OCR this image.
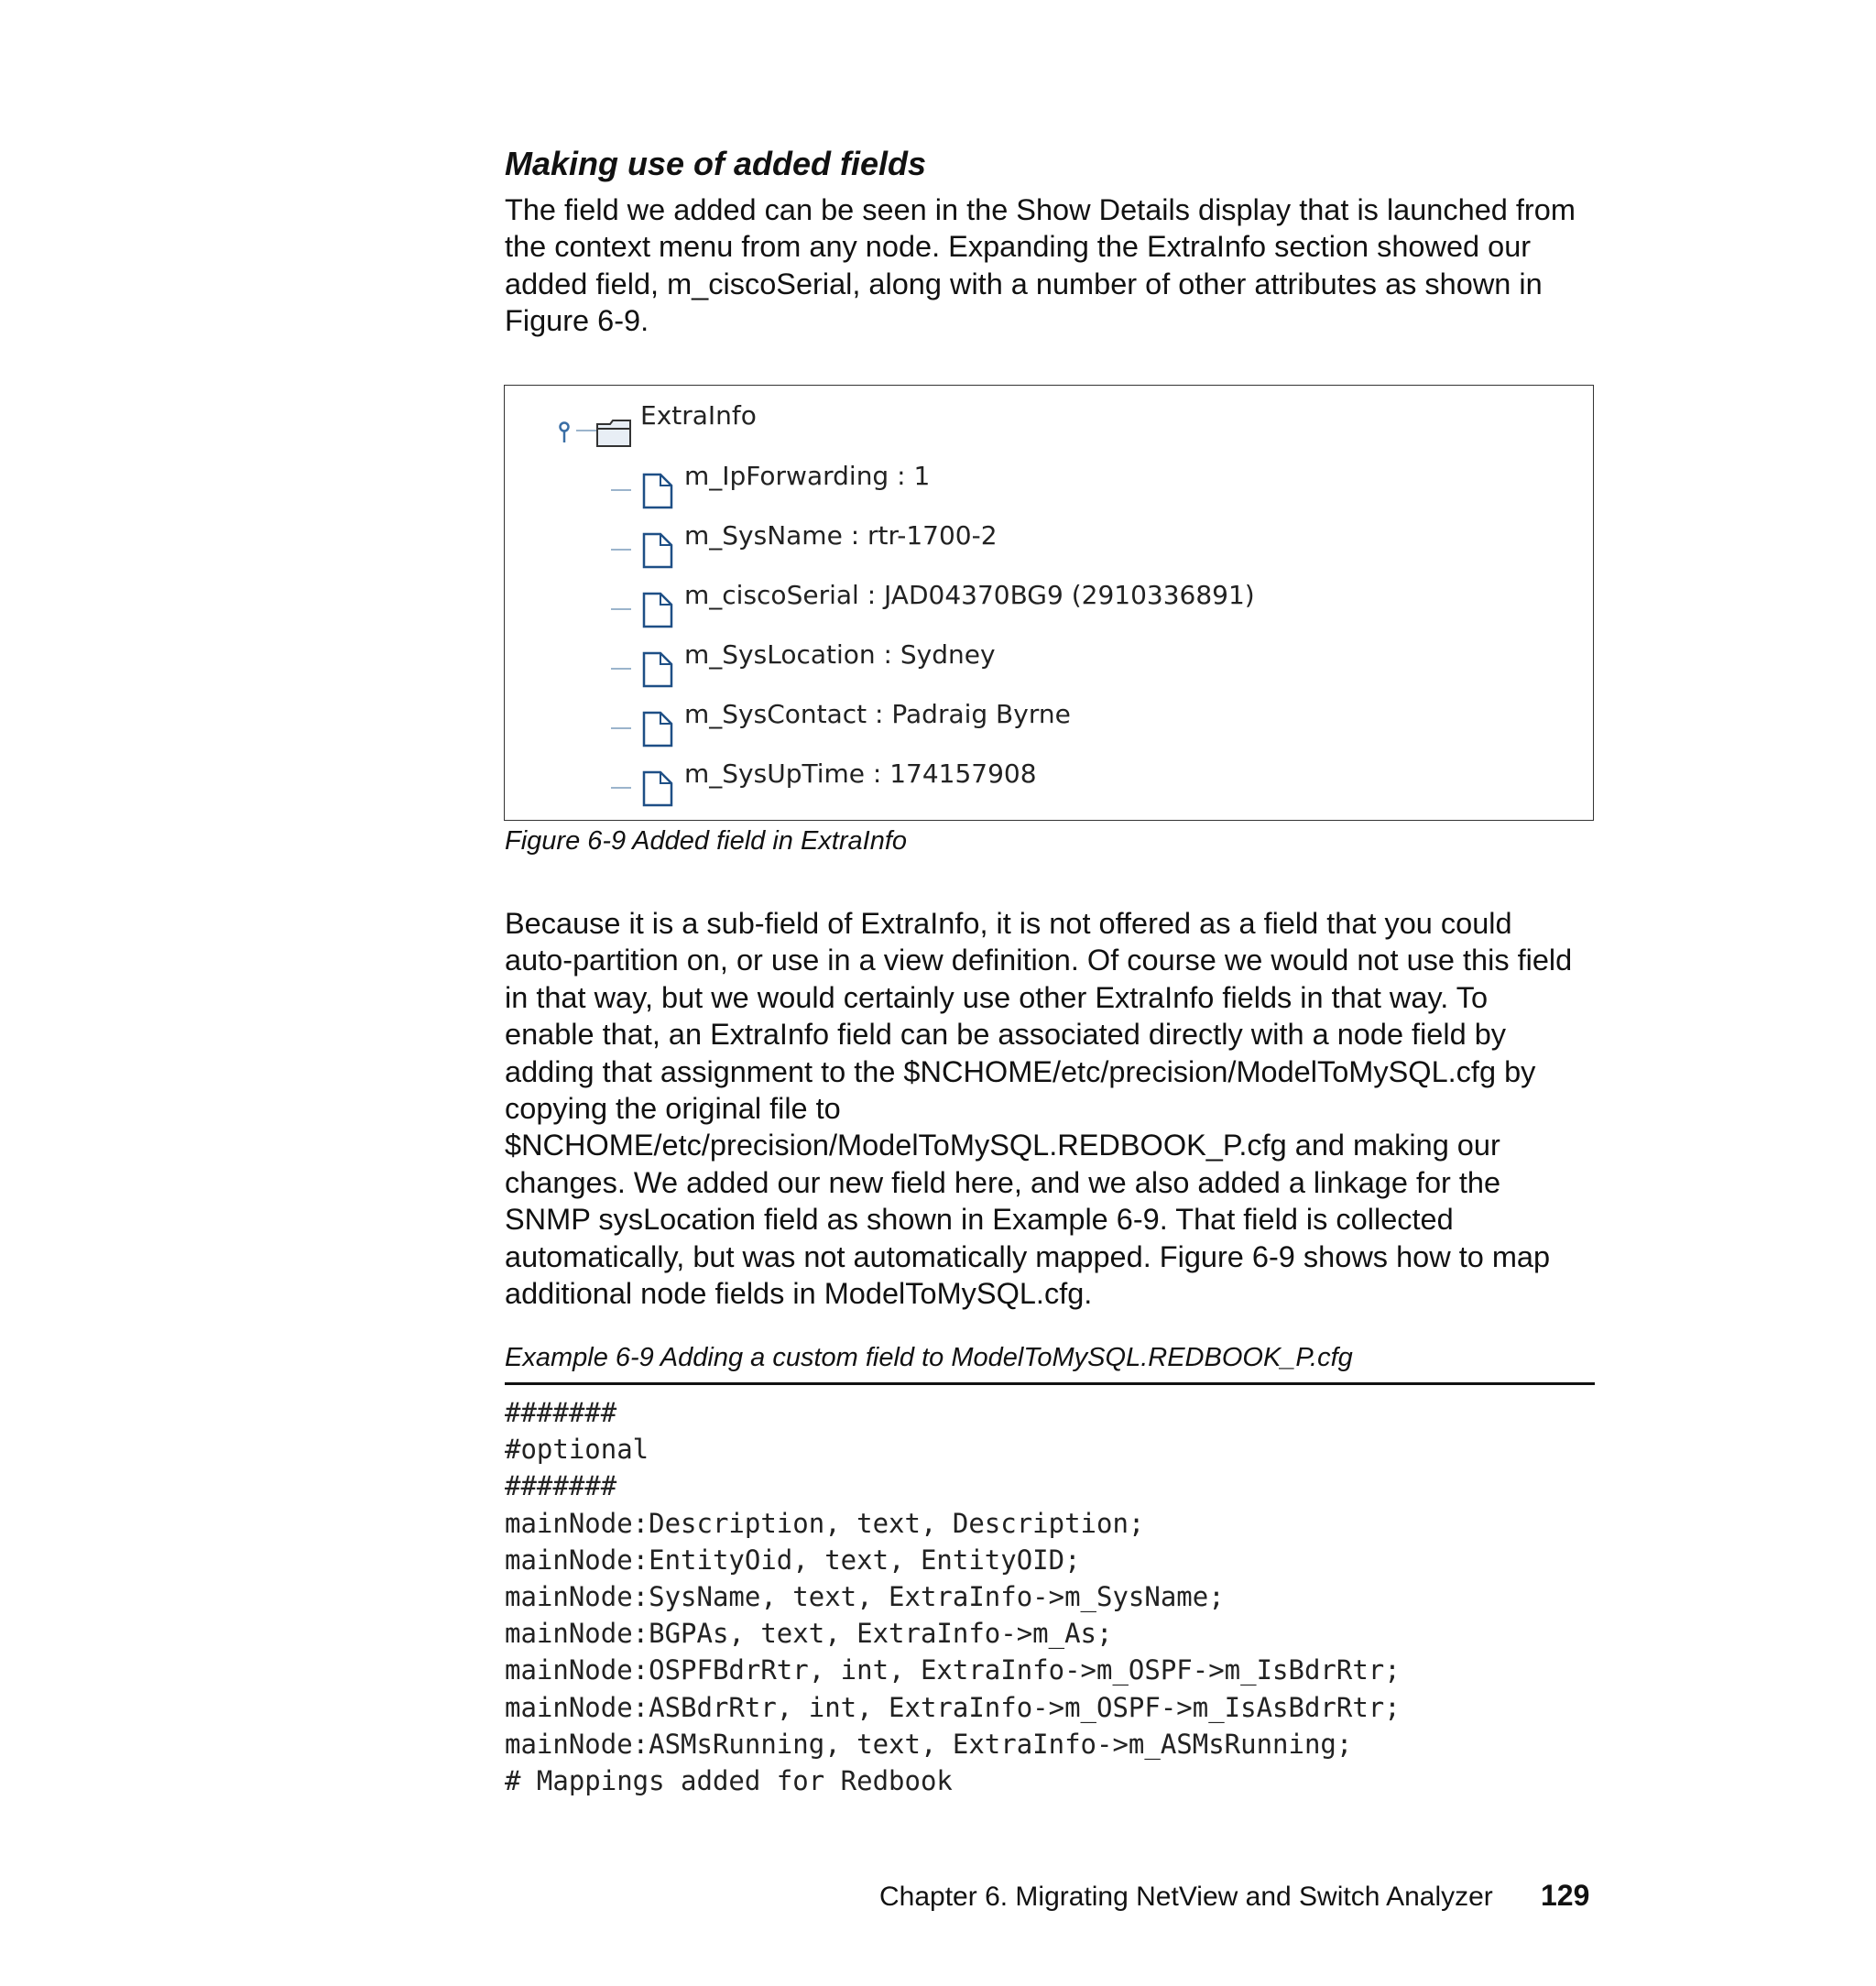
Making use of added fields
The field we added can be seen in the Show Details display that is launched from
the context menu from any node. Expanding the ExtraInfo section showed our
added field, m_ciscoSerial, along with a number of other attributes as shown in
Figure 6-9.
ExtraInfo
m_IpForwarding : 1
m_SysName : rtr-1700-2
m_ciscoSerial : JAD04370BG9 (2910336891)
m_SysLocation : Sydney
m_SysContact : Padraig Byrne
m_SysUpTime : 174157908
Figure 6-9 Added field in ExtraInfo
Because it is a sub-field of ExtraInfo, it is not offered as a field that you could
auto-partition on, or use in a view definition. Of course we would not use this field
in that way, but we would certainly use other ExtraInfo fields in that way. To
enable that, an ExtraInfo field can be associated directly with a node field by
adding that assignment to the $NCHOME/etc/precision/ModelToMySQL.cfg by
copying the original file to
$NCHOME/etc/precision/ModelToMySQL.REDBOOK_P.cfg and making our
changes. We added our new field here, and we also added a linkage for the
SNMP sysLocation field as shown in Example 6-9. That field is collected
automatically, but was not automatically mapped. Figure 6-9 shows how to map
additional node fields in ModelToMySQL.cfg.
Example 6-9 Adding a custom field to ModelToMySQL.REDBOOK_P.cfg
#######
#optional
#######
mainNode:Description, text, Description;
mainNode:EntityOid, text, EntityOID;
mainNode:SysName, text, ExtraInfo->m_SysName;
mainNode:BGPAs, text, ExtraInfo->m_As;
mainNode:OSPFBdrRtr, int, ExtraInfo->m_OSPF->m_IsBdrRtr;
mainNode:ASBdrRtr, int, ExtraInfo->m_OSPF->m_IsAsBdrRtr;
mainNode:ASMsRunning, text, ExtraInfo->m_ASMsRunning;
# Mappings added for Redbook
Chapter 6. Migrating NetView and Switch Analyzer 129
